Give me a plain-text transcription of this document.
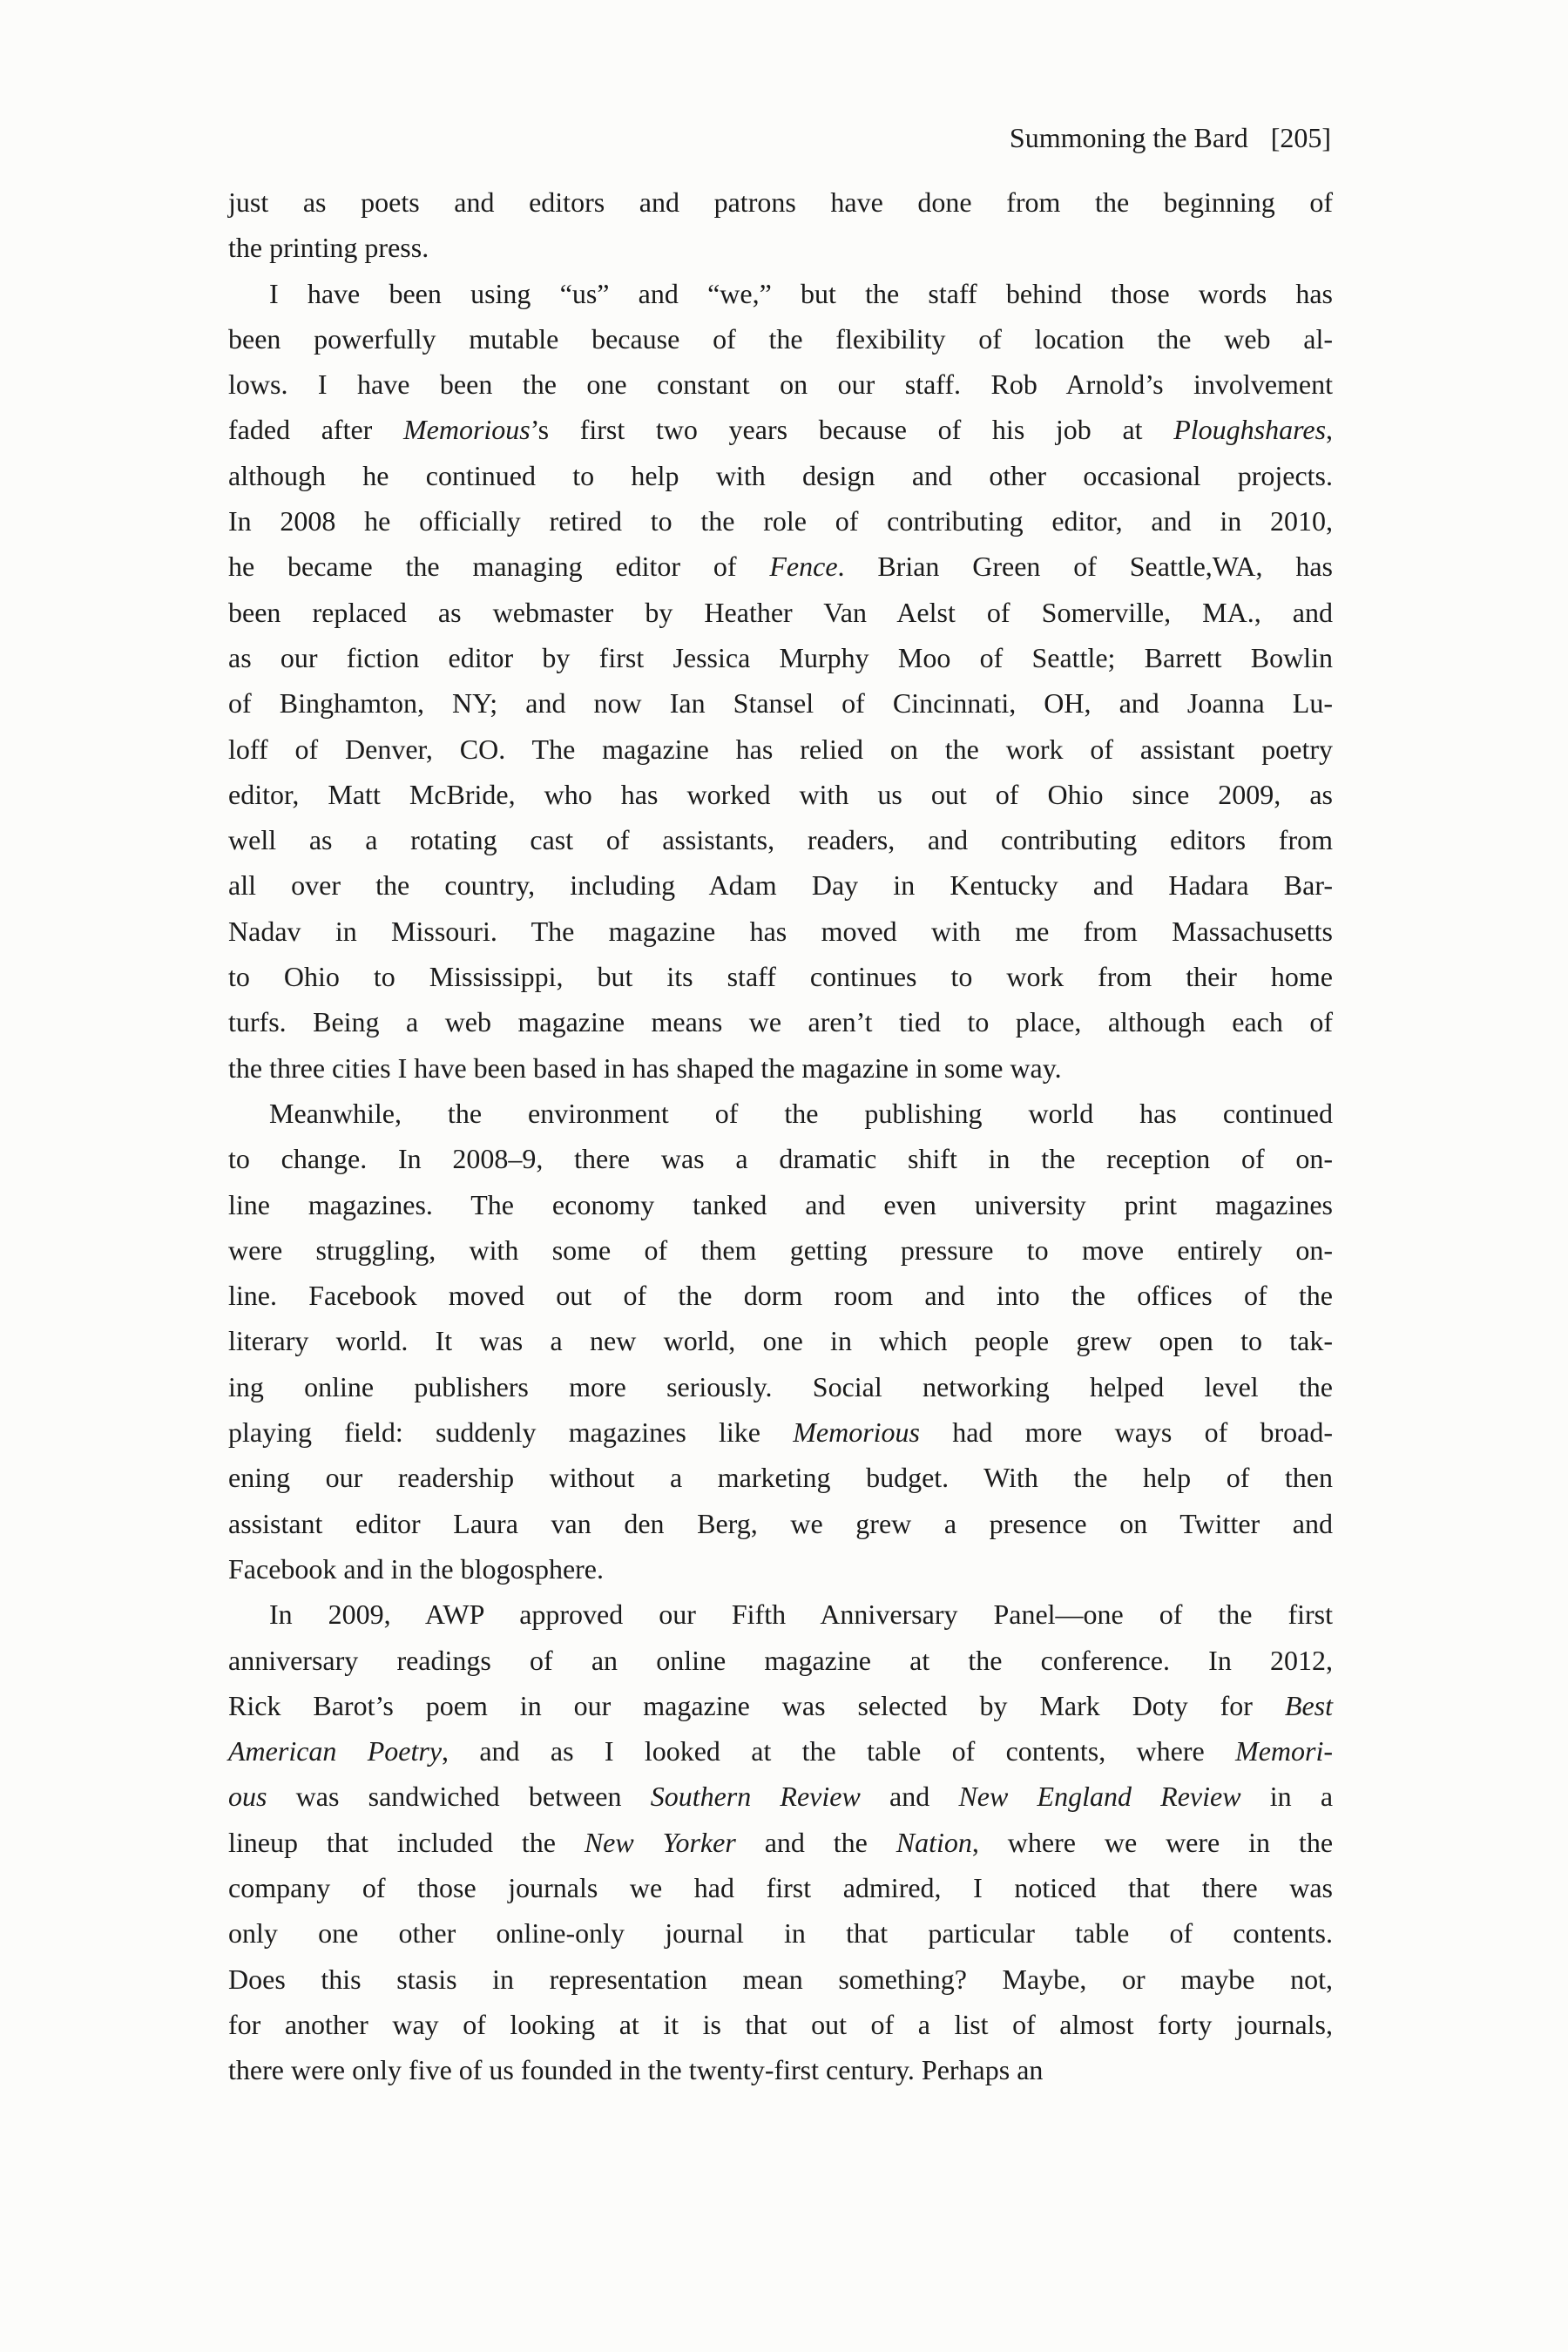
Summoning the Bard [205]
just as poets and editors and patrons have done from the beginning of
the printing press.
I have been using “us” and “we,” but the staff behind those words has
been powerfully mutable because of the flexibility of location the web al-
lows. I have been the one constant on our staff. Rob Arnold’s involvement
faded after Memorious’s first two years because of his job at Ploughshares,
although he continued to help with design and other occasional projects.
In 2008 he officially retired to the role of contributing editor, and in 2010,
he became the managing editor of Fence. Brian Green of Seattle,WA, has
been replaced as webmaster by Heather Van Aelst of Somerville, MA., and
as our fiction editor by first Jessica Murphy Moo of Seattle; Barrett Bowlin
of Binghamton, NY; and now Ian Stansel of Cincinnati, OH, and Joanna Lu-
loff of Denver, CO. The magazine has relied on the work of assistant poetry
editor, Matt McBride, who has worked with us out of Ohio since 2009, as
well as a rotating cast of assistants, readers, and contributing editors from
all over the country, including Adam Day in Kentucky and Hadara Bar-
Nadav in Missouri. The magazine has moved with me from Massachusetts
to Ohio to Mississippi, but its staff continues to work from their home
turfs. Being a web magazine means we aren’t tied to place, although each of
the three cities I have been based in has shaped the magazine in some way.
Meanwhile, the environment of the publishing world has continued
to change. In 2008–9, there was a dramatic shift in the reception of on-
line magazines. The economy tanked and even university print magazines
were struggling, with some of them getting pressure to move entirely on-
line. Facebook moved out of the dorm room and into the offices of the
literary world. It was a new world, one in which people grew open to tak-
ing online publishers more seriously. Social networking helped level the
playing field: suddenly magazines like Memorious had more ways of broad-
ening our readership without a marketing budget. With the help of then
assistant editor Laura van den Berg, we grew a presence on Twitter and
Facebook and in the blogosphere.
In 2009, AWP approved our Fifth Anniversary Panel—one of the first
anniversary readings of an online magazine at the conference. In 2012,
Rick Barot’s poem in our magazine was selected by Mark Doty for Best
American Poetry, and as I looked at the table of contents, where Memori-
ous was sandwiched between Southern Review and New England Review in a
lineup that included the New Yorker and the Nation, where we were in the
company of those journals we had first admired, I noticed that there was
only one other online-only journal in that particular table of contents.
Does this stasis in representation mean something? Maybe, or maybe not,
for another way of looking at it is that out of a list of almost forty journals,
there were only five of us founded in the twenty-first century. Perhaps an
